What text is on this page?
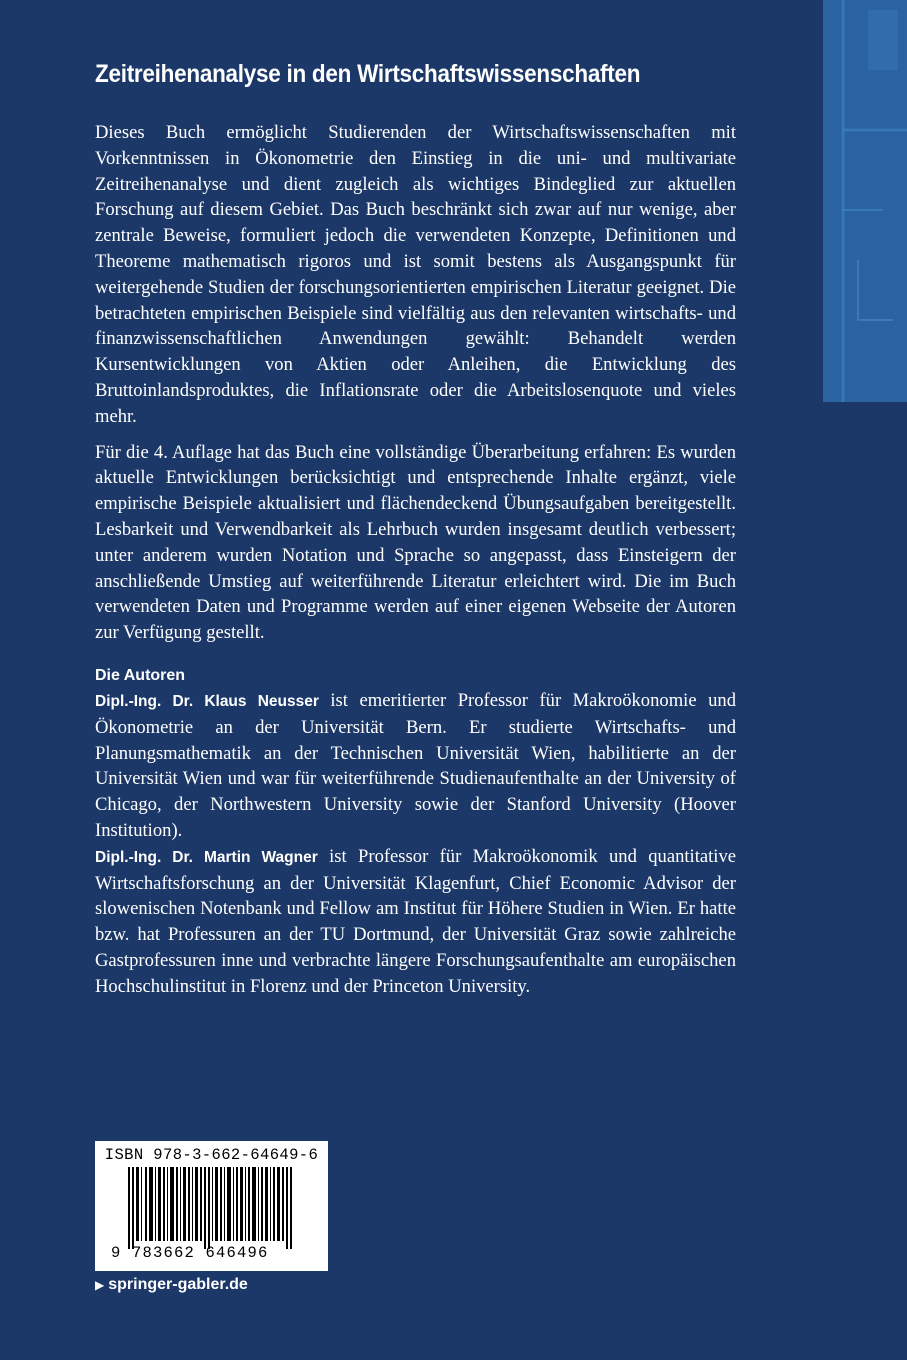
Zeitreihenanalyse in den Wirtschaftswissenschaften

Dieses Buch ermöglicht Studierenden der Wirtschaftswissenschaften mit Vorkenntnissen in Ökonometrie den Einstieg in die uni- und multivariate Zeitreihenanalyse und dient zugleich als wichtiges Bindeglied zur aktuellen Forschung auf diesem Gebiet. Das Buch beschränkt sich zwar auf nur wenige, aber zentrale Beweise, formuliert jedoch die verwendeten Konzepte, Definitionen und Theoreme mathematisch rigoros und ist somit bestens als Ausgangspunkt für weitergehende Studien der forschungsorientierten empirischen Literatur geeignet. Die betrachteten empirischen Beispiele sind vielfältig aus den relevanten wirtschafts- und finanzwissenschaftlichen Anwendungen gewählt: Behandelt werden Kursentwicklungen von Aktien oder Anleihen, die Entwicklung des Bruttoinlandsproduktes, die Inflationsrate oder die Arbeitslosenquote und vieles mehr.

Für die 4. Auflage hat das Buch eine vollständige Überarbeitung erfahren: Es wurden aktuelle Entwicklungen berücksichtigt und entsprechende Inhalte ergänzt, viele empirische Beispiele aktualisiert und flächendeckend Übungsaufgaben bereitgestellt. Lesbarkeit und Verwendbarkeit als Lehrbuch wurden insgesamt deutlich verbessert; unter anderem wurden Notation und Sprache so angepasst, dass Einsteigern der anschließende Umstieg auf weiterführende Literatur erleichtert wird. Die im Buch verwendeten Daten und Programme werden auf einer eigenen Webseite der Autoren zur Verfügung gestellt.

Die Autoren

Dipl.-Ing. Dr. Klaus Neusser ist emeritierter Professor für Makroökonomie und Ökonometrie an der Universität Bern. Er studierte Wirtschafts- und Planungsmathematik an der Technischen Universität Wien, habilitierte an der Universität Wien und war für weiterführende Studienaufenthalte an der University of Chicago, der Northwestern University sowie der Stanford University (Hoover Institution).

Dipl.-Ing. Dr. Martin Wagner ist Professor für Makroökonomik und quantitative Wirtschaftsforschung an der Universität Klagenfurt, Chief Economic Advisor der slowenischen Notenbank und Fellow am Institut für Höhere Studien in Wien. Er hatte bzw. hat Professuren an der TU Dortmund, der Universität Graz sowie zahlreiche Gastprofessuren inne und verbrachte längere Forschungsaufenthalte am europäischen Hochschulinstitut in Florenz und der Princeton University.

ISBN 978-3-662-64649-6
9 783662 646496
▶ springer-gabler.de
